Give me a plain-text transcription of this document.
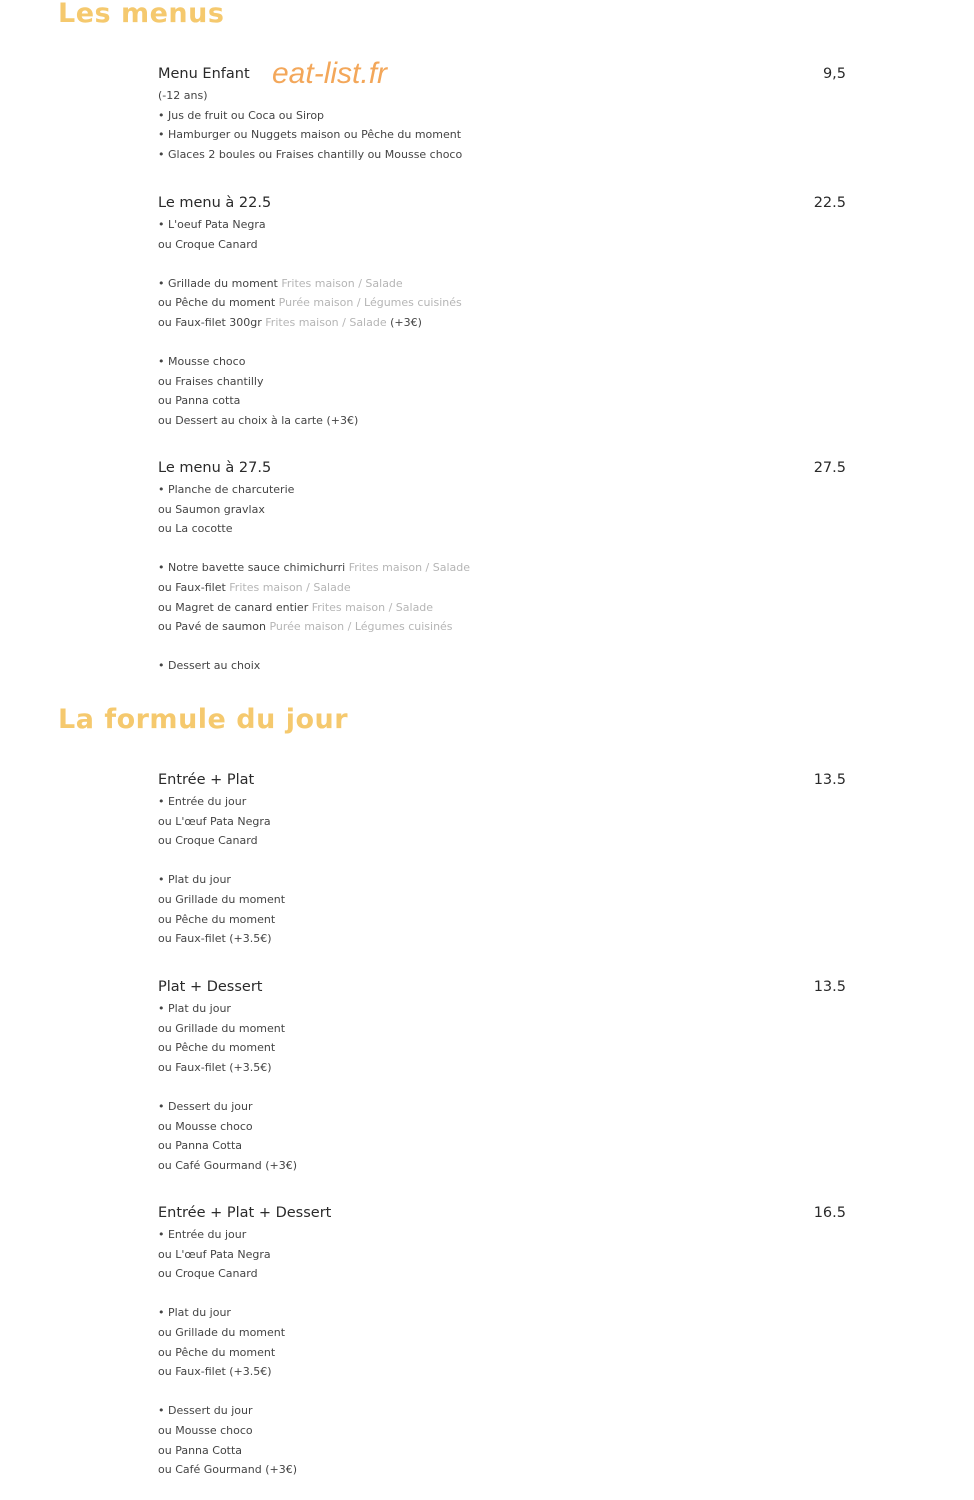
Les menus
eat-list.fr
Menu Enfant	9,5
(-12 ans)
• Jus de fruit ou Coca ou Sirop
• Hamburger ou Nuggets maison ou Pêche du moment
• Glaces 2 boules ou Fraises chantilly ou Mousse choco
Le menu à 22.5	22.5
• L'oeuf Pata Negra
ou Croque Canard
• Grillade du moment Frites maison / Salade
ou Pêche du moment Purée maison / Légumes cuisinés
ou Faux-filet 300gr Frites maison / Salade (+3€)
• Mousse choco
ou Fraises chantilly
ou Panna cotta
ou Dessert au choix à la carte (+3€)
Le menu à 27.5	27.5
• Planche de charcuterie
ou Saumon gravlax
ou La cocotte
• Notre bavette sauce chimichurri Frites maison / Salade
ou Faux-filet Frites maison / Salade
ou Magret de canard entier Frites maison / Salade
ou Pavé de saumon Purée maison / Légumes cuisinés
• Dessert au choix
La formule du jour
Entrée + Plat	13.5
• Entrée du jour
ou L'œuf Pata Negra
ou Croque Canard
• Plat du jour
ou Grillade du moment
ou Pêche du moment
ou Faux-filet (+3.5€)
Plat + Dessert	13.5
• Plat du jour
ou Grillade du moment
ou Pêche du moment
ou Faux-filet (+3.5€)
• Dessert du jour
ou Mousse choco
ou Panna Cotta
ou Café Gourmand (+3€)
Entrée + Plat + Dessert	16.5
• Entrée du jour
ou L'œuf Pata Negra
ou Croque Canard
• Plat du jour
ou Grillade du moment
ou Pêche du moment
ou Faux-filet (+3.5€)
• Dessert du jour
ou Mousse choco
ou Panna Cotta
ou Café Gourmand (+3€)
